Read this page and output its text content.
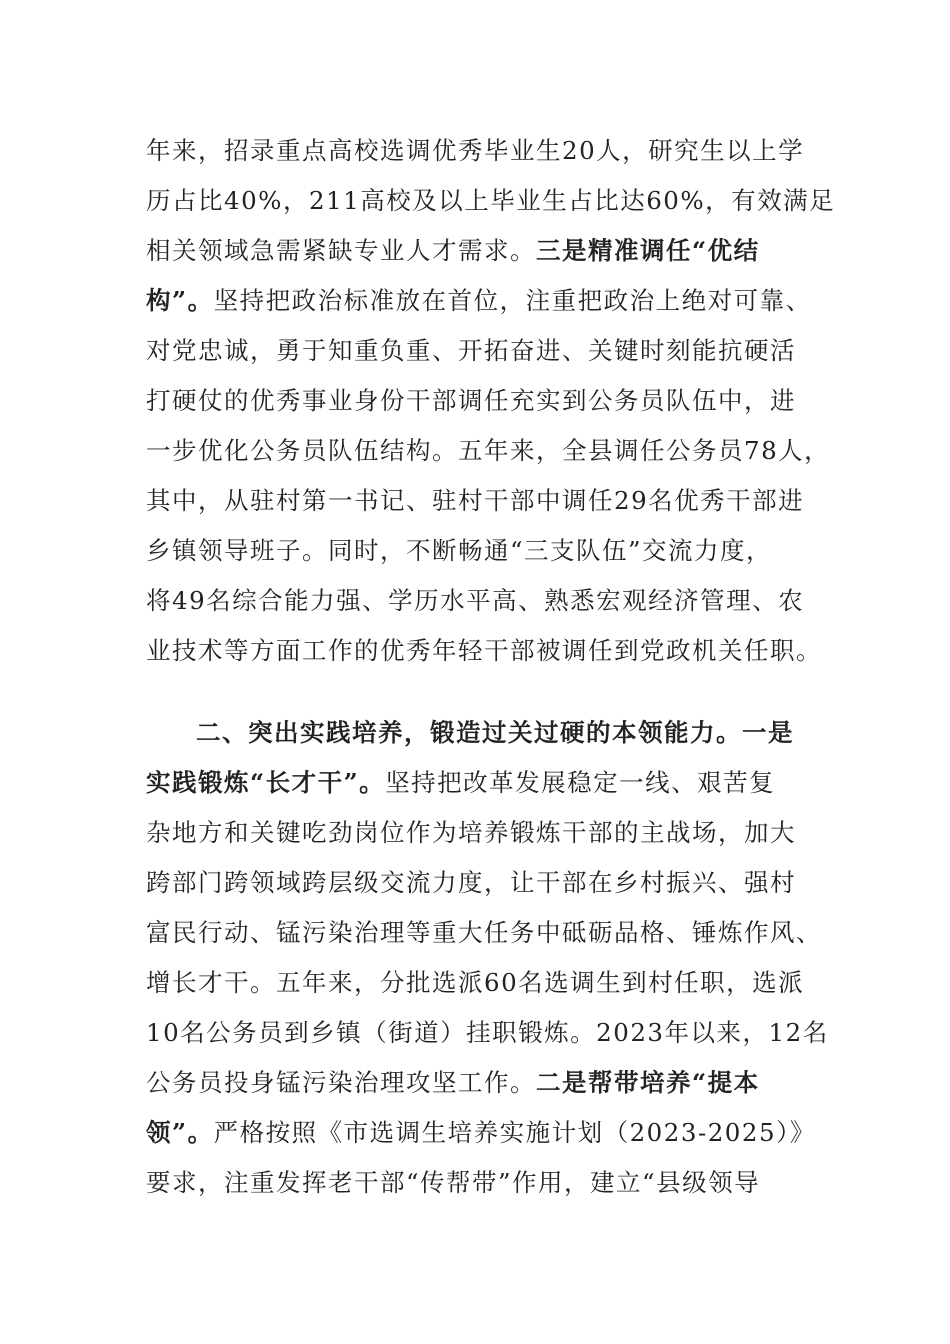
年来，招录重点高校选调优秀毕业生20人，研究生以上学
历占比40%，211高校及以上毕业生占比达60%，有效满足
相关领域急需紧缺专业人才需求。三是精准调任“优结
构”。坚持把政治标准放在首位，注重把政治上绝对可靠、
对党忠诚，勇于知重负重、开拓奋进、关键时刻能抗硬活
打硬仗的优秀事业身份干部调任充实到公务员队伍中，进
一步优化公务员队伍结构。五年来，全县调任公务员78人，
其中，从驻村第一书记、驻村干部中调任29名优秀干部进
乡镇领导班子。同时，不断畅通“三支队伍”交流力度，
将49名综合能力强、学历水平高、熟悉宏观经济管理、农
业技术等方面工作的优秀年轻干部被调任到党政机关任职。
二、突出实践培养，锻造过关过硬的本领能力。一是
实践锻炼“长才干”。坚持把改革发展稳定一线、艰苦复
杂地方和关键吃劲岗位作为培养锻炼干部的主战场，加大
跨部门跨领域跨层级交流力度，让干部在乡村振兴、强村
富民行动、锰污染治理等重大任务中砥砺品格、锤炼作风、
增长才干。五年来，分批选派60名选调生到村任职，选派
10名公务员到乡镇（街道）挂职锻炼。2023年以来，12名
公务员投身锰污染治理攻坚工作。二是帮带培养“提本
领”。严格按照《市选调生培养实施计划（2023-2025）》
要求，注重发挥老干部“传帮带”作用，建立“县级领导
